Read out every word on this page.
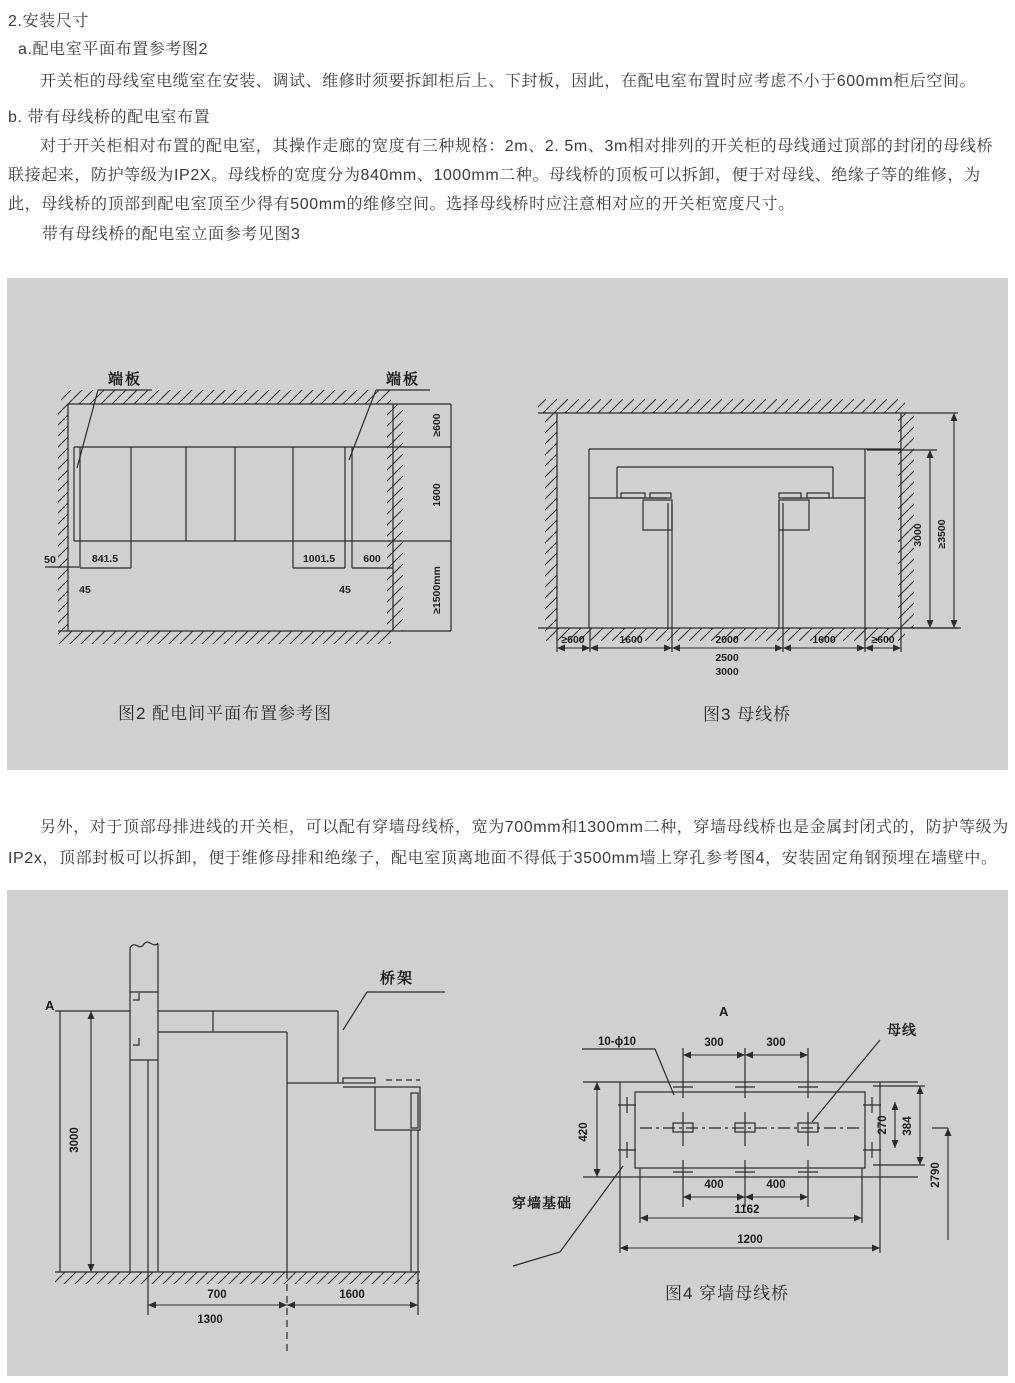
2.安装尺寸
a.配电室平面布置参考图2
开关柜的母线室电缆室在安装、调试、维修时须要拆卸柜后上、下封板，因此，在配电室布置时应考虑不小于600mm柜后空间。
b. 带有母线桥的配电室布置
对于开关柜相对布置的配电室，其操作走廊的宽度有三种规格：2m、2. 5m、3m相对排列的开关柜的母线通过顶部的封闭的母线桥联接起来，防护等级为IP2X。母线桥的宽度分为840mm、1000mm二种。母线桥的顶板可以拆卸，便于对母线、绝缘子等的维修，为此，母线桥的顶部到配电室顶至少得有500mm的维修空间。选择母线桥时应注意相对应的开关柜宽度尺寸。
带有母线桥的配电室立面参考见图3
端板	端板
≥600
1600
≥1500mm
50	841.5	1001.5	600
45	45
≥600	1600	2000	1600	≥600
2500
3000
3000 ≥3500
图2 配电间平面布置参考图	图3 母线桥
另外，对于顶部母排进线的开关柜，可以配有穿墙母线桥，宽为700mm和1300mm二种，穿墙母线桥也是金属封闭式的，防护等级为IP2x，顶部封板可以拆卸，便于维修母排和绝缘子，配电室顶离地面不得低于3500mm墙上穿孔参考图4，安装固定角钢预埋在墙壁中。
A
桥架
3000
700	1600
1300
A
10-ϕ10	300	300
母线
420	270 384
2790
400	400
1162
1200
穿墙基础
图4 穿墙母线桥
